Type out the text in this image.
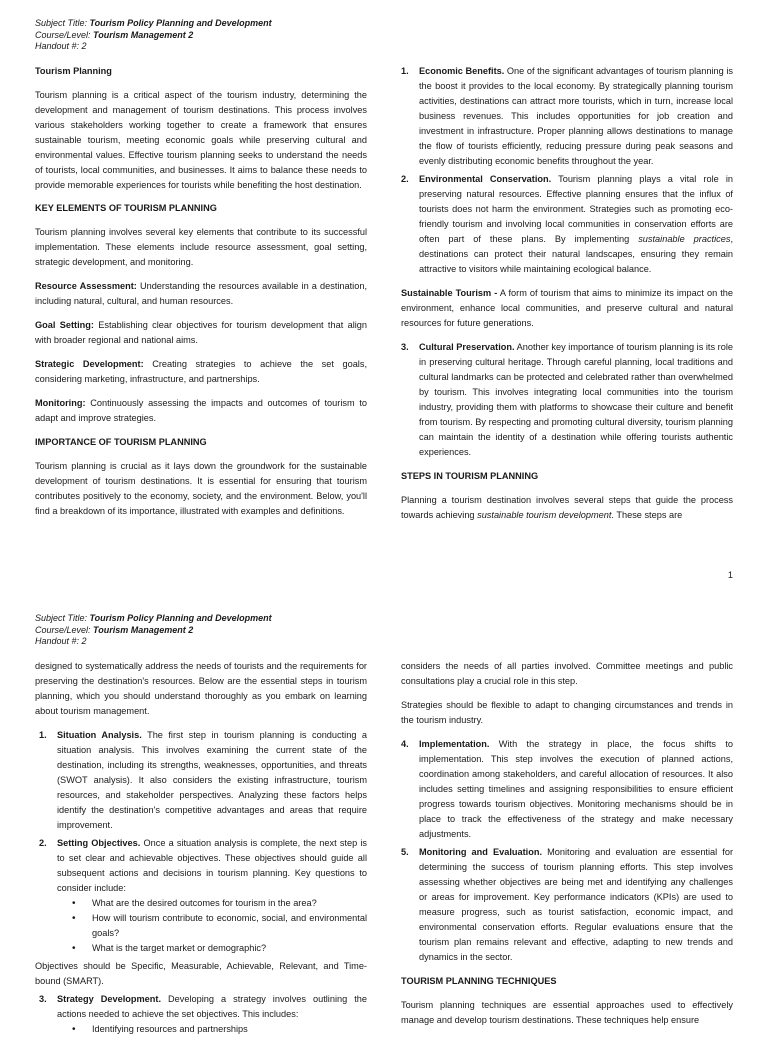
Subject Title: Tourism Policy Planning and Development
Course/Level: Tourism Management 2
Handout #: 2
Tourism Planning

Tourism planning is a critical aspect of the tourism industry, determining the development and management of tourism destinations. This process involves various stakeholders working together to create a framework that ensures sustainable tourism, meeting economic goals while preserving cultural and environmental values. Effective tourism planning seeks to understand the needs of tourists, local communities, and businesses. It aims to balance these needs to provide memorable experiences for tourists while benefiting the host destination.

KEY ELEMENTS OF TOURISM PLANNING

Tourism planning involves several key elements that contribute to its successful implementation. These elements include resource assessment, goal setting, strategic development, and monitoring.

Resource Assessment: Understanding the resources available in a destination, including natural, cultural, and human resources.

Goal Setting: Establishing clear objectives for tourism development that align with broader regional and national aims.

Strategic Development: Creating strategies to achieve the set goals, considering marketing, infrastructure, and partnerships.

Monitoring: Continuously assessing the impacts and outcomes of tourism to adapt and improve strategies.

IMPORTANCE OF TOURISM PLANNING

Tourism planning is crucial as it lays down the groundwork for the sustainable development of tourism destinations. It is essential for ensuring that tourism contributes positively to the economy, society, and the environment. Below, you'll find a breakdown of its importance, illustrated with examples and definitions.

1. Economic Benefits. One of the significant advantages of tourism planning is the boost it provides to the local economy. By strategically planning tourism activities, destinations can attract more tourists, which in turn, increase local business revenues. This includes opportunities for job creation and investment in infrastructure. Proper planning allows destinations to manage the flow of tourists efficiently, reducing pressure during peak seasons and evenly distributing economic benefits throughout the year.
2. Environmental Conservation. Tourism planning plays a vital role in preserving natural resources. Effective planning ensures that the influx of tourists does not harm the environment. Strategies such as promoting eco-friendly tourism and involving local communities in conservation efforts are often part of these plans. By implementing sustainable practices, destinations can protect their natural landscapes, ensuring they remain attractive to visitors while maintaining ecological balance.

Sustainable Tourism - A form of tourism that aims to minimize its impact on the environment, enhance local communities, and preserve cultural and natural resources for future generations.

3. Cultural Preservation. Another key importance of tourism planning is its role in preserving cultural heritage. Through careful planning, local traditions and cultural landmarks can be protected and celebrated rather than overwhelmed by tourism. This involves integrating local communities into the tourism industry, providing them with platforms to showcase their culture and benefit from tourism. By respecting and promoting cultural diversity, tourism planning can maintain the identity of a destination while offering tourists authentic experiences.
STEPS IN TOURISM PLANNING

Planning a tourism destination involves several steps that guide the process towards achieving sustainable tourism development. These steps are

1
Subject Title: Tourism Policy Planning and Development
Course/Level: Tourism Management 2
Handout #: 2

designed to systematically address the needs of tourists and the requirements for preserving the destination's resources. Below are the essential steps in tourism planning, which you should understand thoroughly as you embark on learning about tourism management.

1. Situation Analysis. The first step in tourism planning is conducting a situation analysis. This involves examining the current state of the destination, including its strengths, weaknesses, opportunities, and threats (SWOT analysis). It also considers the existing infrastructure, tourism resources, and stakeholder perspectives. Analyzing these factors helps identify the destination's competitive advantages and areas that require improvement.
2. Setting Objectives. Once a situation analysis is complete, the next step is to set clear and achievable objectives. These objectives should guide all subsequent actions and decisions in tourism planning. Key questions to consider include:
• What are the desired outcomes for tourism in the area?
• How will tourism contribute to economic, social, and environmental goals?
• What is the target market or demographic?

Objectives should be Specific, Measurable, Achievable, Relevant, and Time-bound (SMART).

3. Strategy Development. Developing a strategy involves outlining the actions needed to achieve the set objectives. This includes:
• Identifying resources and partnerships

considers the needs of all parties involved. Committee meetings and public consultations play a crucial role in this step.

Strategies should be flexible to adapt to changing circumstances and trends in the tourism industry.

4. Implementation. With the strategy in place, the focus shifts to implementation. This step involves the execution of planned actions, coordination among stakeholders, and careful allocation of resources. It also includes setting timelines and assigning responsibilities to ensure efficient progress towards tourism objectives. Monitoring mechanisms should be in place to track the effectiveness of the strategy and make necessary adjustments.
5. Monitoring and Evaluation. Monitoring and evaluation are essential for determining the success of tourism planning efforts. This step involves assessing whether objectives are being met and identifying any challenges or areas for improvement. Key performance indicators (KPIs) are used to measure progress, such as tourist satisfaction, economic impact, and environmental conservation efforts. Regular evaluations ensure that the tourism plan remains relevant and effective, adapting to new trends and dynamics in the sector.
TOURISM PLANNING TECHNIQUES

Tourism planning techniques are essential approaches used to effectively manage and develop tourism destinations. These techniques help ensure
